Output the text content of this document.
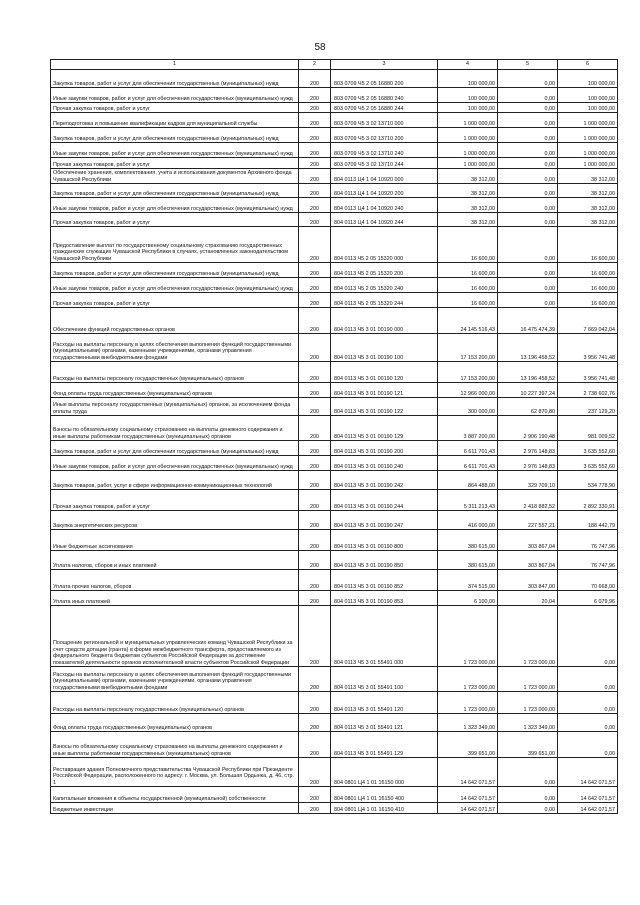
58
1	2	3	4	5	6
Закупка товаров, работ и услуг для обеспечения государственных (муниципальных) нужд	200	803 0709 Ч5 2 05 16880 200	100 000,00	0,00	100 000,00
Иные закупки товаров, работ и услуг для обеспечения государственных (муниципальных) нужд	200	803 0709 Ч5 2 05 16880 240	100 000,00	0,00	100 000,00
Прочая закупка товаров, работ и услуг	200	803 0709 Ч5 2 05 16880 244	100 000,00	0,00	100 000,00
Переподготовка и повышение квалификации кадров для муниципальной службы	200	803 0709 Ч5 3 02 13710 000	1 000 000,00	0,00	1 000 000,00
Закупка товаров, работ и услуг для обеспечения государственных (муниципальных) нужд	200	803 0709 Ч5 3 02 13710 200	1 000 000,00	0,00	1 000 000,00
Иные закупки товаров, работ и услуг для обеспечения государственных (муниципальных) нужд	200	803 0709 Ч5 3 02 13710 240	1 000 000,00	0,00	1 000 000,00
Прочая закупка товаров, работ и услуг	200	803 0709 Ч5 3 02 13710 244	1 000 000,00	0,00	1 000 000,00
Обеспечение хранения, комплектования, учета и использования документов Архивного фонда Чувашской Республики	200	804 0113 Ц4 1 04 10920 000	38 312,00	0,00	38 312,00
Закупка товаров, работ и услуг для обеспечения государственных (муниципальных) нужд	200	804 0113 Ц4 1 04 10920 200	38 312,00	0,00	38 312,00
Иные закупки товаров, работ и услуг для обеспечения государственных (муниципальных) нужд	200	804 0113 Ц4 1 04 10920 240	38 312,00	0,00	38 312,00
Прочая закупка товаров, работ и услуг	200	804 0113 Ц4 1 04 10920 244	38 312,00	0,00	38 312,00
Предоставление выплат по государственному социальному страхованию государственных гражданских служащих Чувашской Республики в случаях, установленных законодательством Чувашской Республики	200	804 0113 Ч5 2 05 15320 000	16 600,00	0,00	16 600,00
Закупка товаров, работ и услуг для обеспечения государственных (муниципальных) нужд	200	804 0113 Ч5 2 05 15320 200	16 600,00	0,00	16 600,00
Иные закупки товаров, работ и услуг для обеспечения государственных (муниципальных) нужд	200	804 0113 Ч5 2 05 15320 240	16 600,00	0,00	16 600,00
Прочая закупка товаров, работ и услуг	200	804 0113 Ч5 2 05 15320 244	16 600,00	0,00	16 600,00
Обеспечение функций государственных органов	200	804 0113 Ч5 3 01 00190 000	24 145 516,43	16 475 474,39	7 669 042,04
Расходы на выплаты персоналу в целях обеспечения выполнения функций государственными (муниципальными) органами, казенными учреждениями, органами управления государственными внебюджетными фондами	200	804 0113 Ч5 3 01 00190 100	17 153 200,00	13 196 458,52	3 956 741,48
Расходы на выплаты персоналу государственных (муниципальных) органов	200	804 0113 Ч5 3 01 00190 120	17 153 200,00	13 196 458,52	3 956 741,48
Фонд оплаты труда государственных (муниципальных) органов	200	804 0113 Ч5 3 01 00190 121	12 966 000,00	10 227 397,24	2 738 602,76
Иные выплаты персоналу государственных (муниципальных) органов, за исключением фонда оплаты труда	200	804 0113 Ч5 3 01 00190 122	300 000,00	62 870,80	237 129,20
Взносы по обязательному социальному страхованию на выплаты денежного содержания и иные выплаты работникам государственных (муниципальных) органов	200	804 0113 Ч5 3 01 00190 129	3 887 200,00	2 906 190,48	981 009,52
Закупка товаров, работ и услуг для обеспечения государственных (муниципальных) нужд	200	804 0113 Ч5 3 01 00190 200	6 611 701,43	2 976 148,83	3 635 552,60
Иные закупки товаров, работ и услуг для обеспечения государственных (муниципальных) нужд	200	804 0113 Ч5 3 01 00190 240	6 611 701,43	2 976 148,83	3 635 552,60
Закупка товаров, работ, услуг в сфере информационно-коммуникационных технологий	200	804 0113 Ч5 3 01 00190 242	864 488,00	329 709,10	534 778,90
Прочая закупка товаров, работ и услуг	200	804 0113 Ч5 3 01 00190 244	5 311 213,43	2 418 882,52	2 892 330,91
Закупка энергетических ресурсов	200	804 0113 Ч5 3 01 00190 247	416 000,00	227 557,21	188 442,79
Иные бюджетные ассигнования	200	804 0113 Ч5 3 01 00190 800	380 615,00	303 867,04	76 747,96
Уплата налогов, сборов и иных платежей	200	804 0113 Ч5 3 01 00190 850	380 615,00	303 867,04	76 747,96
Уплата прочих налогов, сборов	200	804 0113 Ч5 3 01 00190 852	374 515,00	303 847,00	70 668,00
Уплата иных платежей	200	804 0113 Ч5 3 01 00190 853	6 100,00	20,04	6 079,96
Поощрение региональной и муниципальных управленческих команд Чувашской Республики за счет средств дотации (гранта) в форме межбюджетного трансферта, предоставляемого из федерального бюджета бюджетам субъектов Российской Федерации за достижение показателей деятельности органов исполнительной власти субъектов Российской Федерации	200	804 0113 Ч5 3 01 55491 000	1 723 000,00	1 723 000,00	0,00
Расходы на выплаты персоналу в целях обеспечения выполнения функций государственными (муниципальными) органами, казенными учреждениями, органами управления государственными внебюджетными фондами	200	804 0113 Ч5 3 01 55491 100	1 723 000,00	1 723 000,00	0,00
Расходы на выплаты персоналу государственных (муниципальных) органов	200	804 0113 Ч5 3 01 55491 120	1 723 000,00	1 723 000,00	0,00
Фонд оплаты труда государственных (муниципальных) органов	200	804 0113 Ч5 3 01 55491 121	1 323 349,00	1 323 349,00	0,00
Взносы по обязательному социальному страхованию на выплаты денежного содержания и иные выплаты работникам государственных (муниципальных) органов	200	804 0113 Ч5 3 01 55491 129	399 651,00	399 651,00	0,00
Реставрация здания Полномочного представительства Чувашской Республики при Президенте Российской Федерации, расположенного по адресу: г. Москва, ул. Большая Ордынка, д. 46, стр. 1	200	804 0801 Ц4 1 01 16150 000	14 642 071,57	0,00	14 642 071,57
Капитальные вложения в объекты государственной (муниципальной) собственности	200	804 0801 Ц4 1 01 16150 400	14 642 071,57	0,00	14 642 071,57
Бюджетные инвестиции	200	804 0801 Ц4 1 01 16150 410	14 642 071,57	0,00	14 642 071,57
